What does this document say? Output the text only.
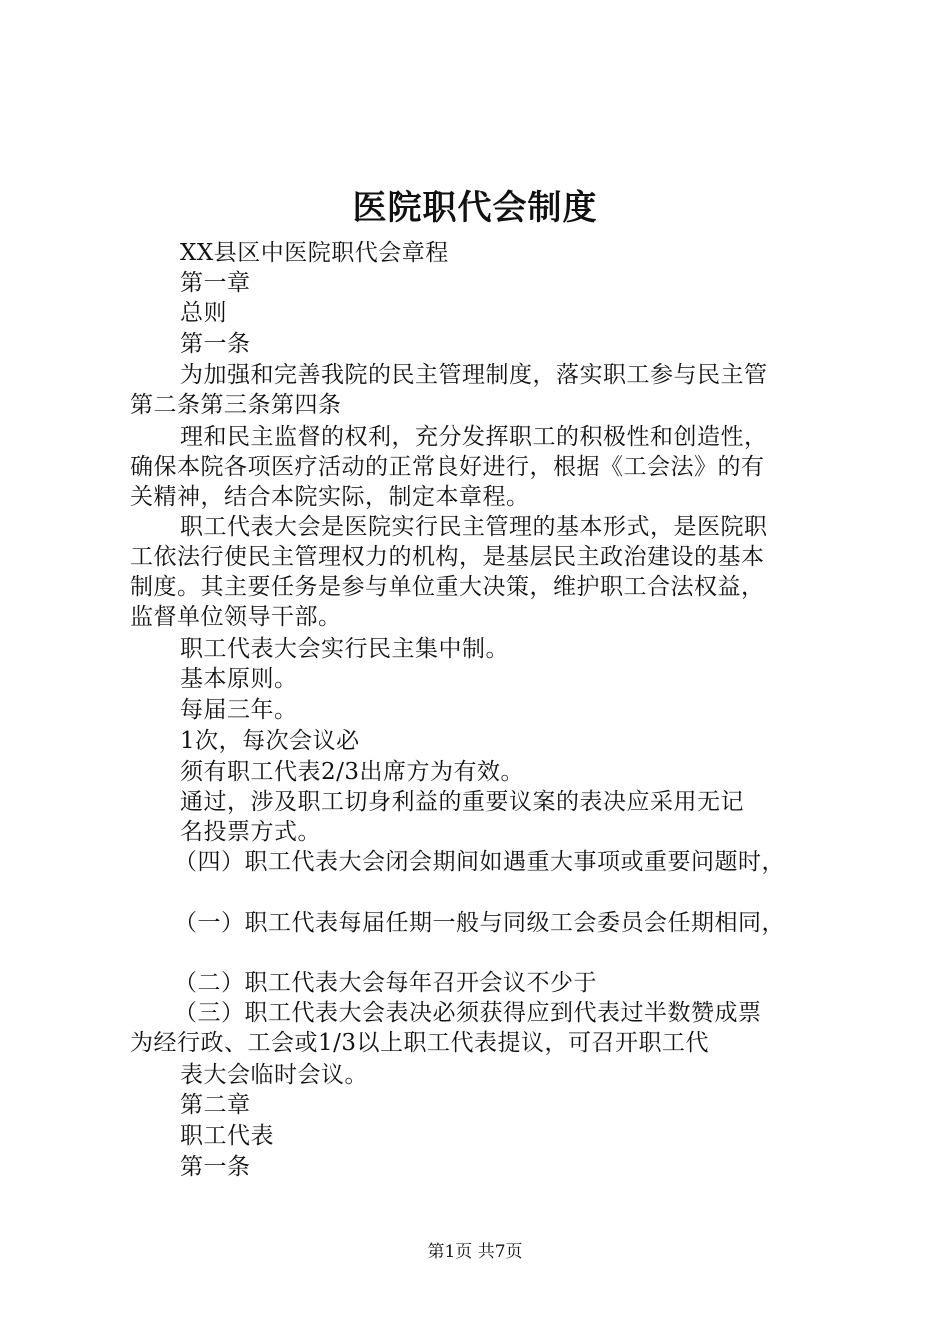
医院职代会制度
XX县区中医院职代会章程
第一章
总则
第一条
为加强和完善我院的民主管理制度，落实职工参与民主管
第二条第三条第四条
理和民主监督的权利，充分发挥职工的积极性和创造性，
确保本院各项医疗活动的正常良好进行，根据《工会法》的有
关精神，结合本院实际，制定本章程。
职工代表大会是医院实行民主管理的基本形式，是医院职
工依法行使民主管理权力的机构，是基层民主政治建设的基本
制度。其主要任务是参与单位重大决策，维护职工合法权益，
监督单位领导干部。
职工代表大会实行民主集中制。
基本原则。
每届三年。
1次，每次会议必
须有职工代表2/3出席方为有效。
通过，涉及职工切身利益的重要议案的表决应采用无记
名投票方式。
（四）职工代表大会闭会期间如遇重大事项或重要问题时，
（一）职工代表每届任期一般与同级工会委员会任期相同，
（二）职工代表大会每年召开会议不少于
（三）职工代表大会表决必须获得应到代表过半数赞成票
为经行政、工会或1/3以上职工代表提议，可召开职工代
表大会临时会议。
第二章
职工代表
第一条
第1页 共7页
